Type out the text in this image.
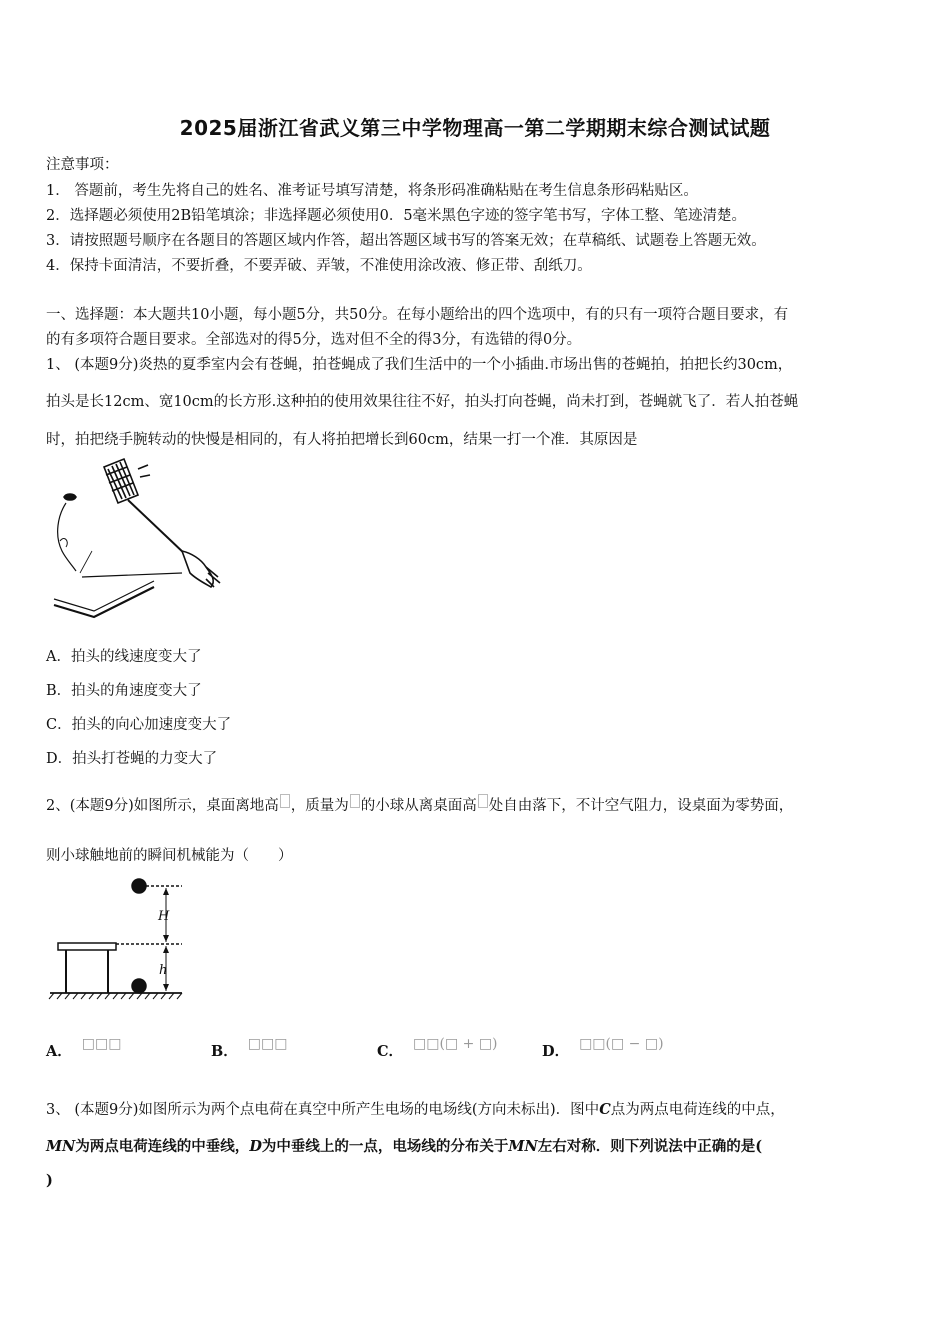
2025届浙江省武义第三中学物理高一第二学期期末综合测试试题
注意事项：
1． 答题前，考生先将自己的姓名、准考证号填写清楚，将条形码准确粘贴在考生信息条形码粘贴区。
2．选择题必须使用2B铅笔填涂；非选择题必须使用0．5毫米黑色字迹的签字笔书写，字体工整、笔迹清楚。
3．请按照题号顺序在各题目的答题区域内作答，超出答题区域书写的答案无效；在草稿纸、试题卷上答题无效。
4．保持卡面清洁，不要折叠，不要弄破、弄皱，不准使用涂改液、修正带、刮纸刀。
一、选择题：本大题共10小题，每小题5分，共50分。在每小题给出的四个选项中，有的只有一项符合题目要求，有
的有多项符合题目要求。全部选对的得5分，选对但不全的得3分，有选错的得0分。
1、 (本题9分)炎热的夏季室内会有苍蝇，拍苍蝇成了我们生活中的一个小插曲.市场出售的苍蝇拍，拍把长约30cm，
拍头是长12cm、宽10cm的长方形.这种拍的使用效果往往不好，拍头打向苍蝇，尚未打到，苍蝇就飞了．若人拍苍蝇
时，拍把绕手腕转动的快慢是相同的，有人将拍把增长到60cm，结果一打一个准．其原因是
A．拍头的线速度变大了
B．拍头的角速度变大了
C．拍头的向心加速度变大了
D．拍头打苍蝇的力变大了
2、(本题9分)如图所示，桌面离地高 ，质量为 的小球从离桌面高 处自由落下，不计空气阻力，设桌面为零势面，
则小球触地前的瞬间机械能为（　　）
H
h
A． □□□	B． □□□	C． □□(□ + □)	D． □□(□ − □)
3、 (本题9分)如图所示为两个点电荷在真空中所产生电场的电场线(方向未标出)．图中C点为两点电荷连线的中点，
MN为两点电荷连线的中垂线，D为中垂线上的一点，电场线的分布关于MN左右对称．则下列说法中正确的是(
)
